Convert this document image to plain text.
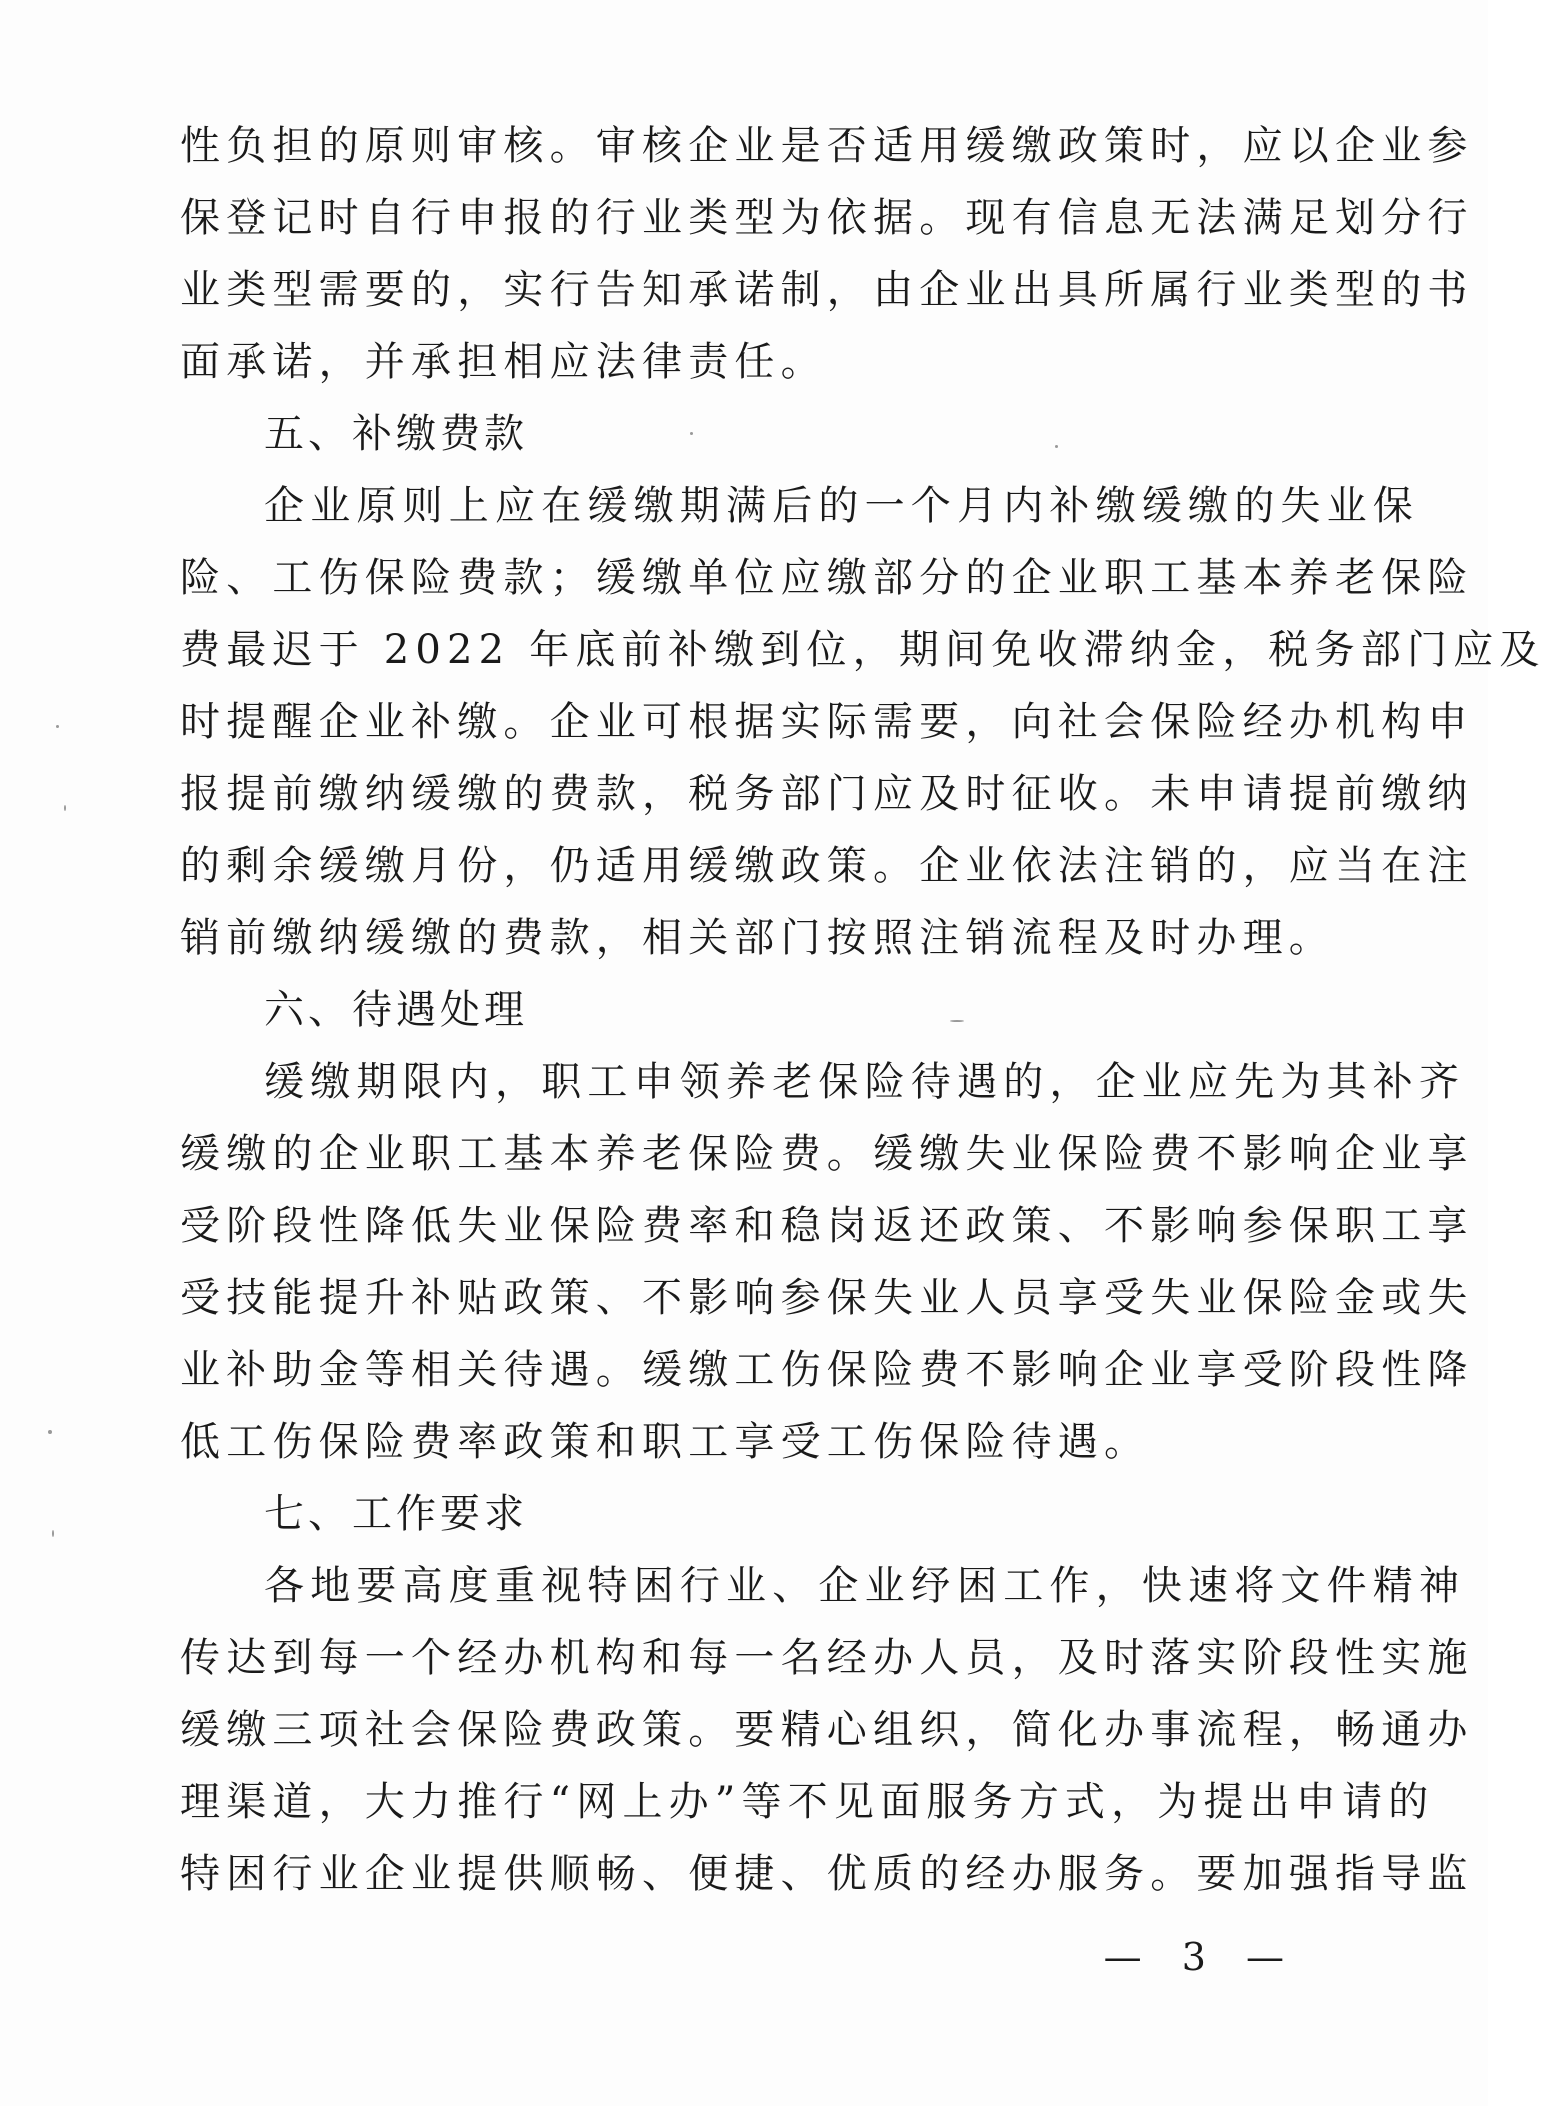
性负担的原则审核。审核企业是否适用缓缴政策时，应以企业参
保登记时自行申报的行业类型为依据。现有信息无法满足划分行
业类型需要的，实行告知承诺制，由企业出具所属行业类型的书
面承诺，并承担相应法律责任。
五、补缴费款
企业原则上应在缓缴期满后的一个月内补缴缓缴的失业保
险、工伤保险费款；缓缴单位应缴部分的企业职工基本养老保险
费最迟于 2022 年底前补缴到位，期间免收滞纳金，税务部门应及
时提醒企业补缴。企业可根据实际需要，向社会保险经办机构申
报提前缴纳缓缴的费款，税务部门应及时征收。未申请提前缴纳
的剩余缓缴月份，仍适用缓缴政策。企业依法注销的，应当在注
销前缴纳缓缴的费款，相关部门按照注销流程及时办理。
六、待遇处理
缓缴期限内，职工申领养老保险待遇的，企业应先为其补齐
缓缴的企业职工基本养老保险费。缓缴失业保险费不影响企业享
受阶段性降低失业保险费率和稳岗返还政策、不影响参保职工享
受技能提升补贴政策、不影响参保失业人员享受失业保险金或失
业补助金等相关待遇。缓缴工伤保险费不影响企业享受阶段性降
低工伤保险费率政策和职工享受工伤保险待遇。
七、工作要求
各地要高度重视特困行业、企业纾困工作，快速将文件精神
传达到每一个经办机构和每一名经办人员，及时落实阶段性实施
缓缴三项社会保险费政策。要精心组织，简化办事流程，畅通办
理渠道，大力推行“网上办”等不见面服务方式，为提出申请的
特困行业企业提供顺畅、便捷、优质的经办服务。要加强指导监
— 3 —
